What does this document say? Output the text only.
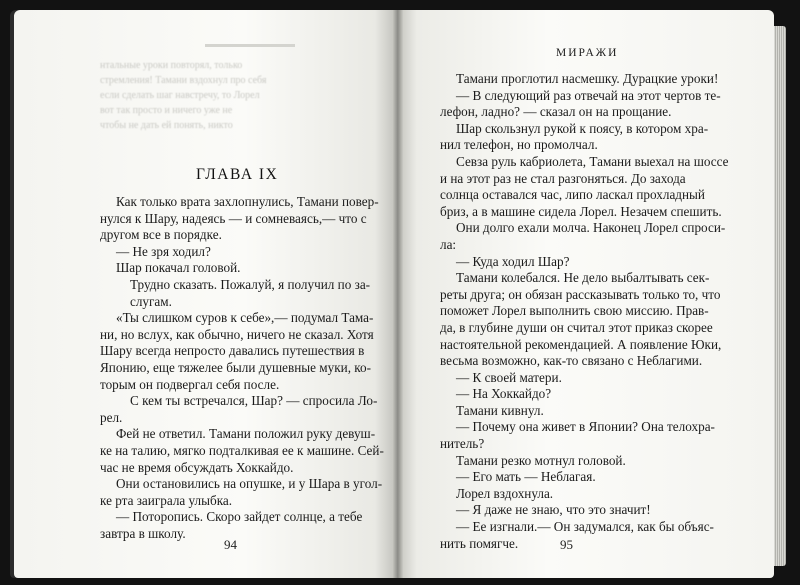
нтальные уроки повторял, только
стремления! Тамани вздохнул про себя
если сделать шаг навстречу, то Лорел
вот так просто и ничего уже не
чтобы не дать ей понять, никто
МИРАЖИ
ГЛАВА IX
Как только врата захлопнулись, Тамани повер-
нулся к Шару, надеясь — и сомневаясь,— что с
другом все в порядке.
— Не зря ходил?
Шар покачал головой.
Трудно сказать. Пожалуй, я получил по за-
слугам.
«Ты слишком суров к себе»,— подумал Тама-
ни, но вслух, как обычно, ничего не сказал. Хотя
Шару всегда непросто давались путешествия в
Японию, еще тяжелее были душевные муки, ко-
торым он подвергал себя после.
С кем ты встречался, Шар? — спросила Ло-
рел.
Фей не ответил. Тамани положил руку девуш-
ке на талию, мягко подталкивая ее к машине. Сей-
час не время обсуждать Хоккайдо.
Они остановились на опушке, и у Шара в угол-
ке рта заиграла улыбка.
— Поторопись. Скоро зайдет солнце, а тебе
завтра в школу.
Тамани проглотил насмешку. Дурацкие уроки!
— В следующий раз отвечай на этот чертов те-
лефон, ладно? — сказал он на прощание.
Шар скользнул рукой к поясу, в котором хра-
нил телефон, но промолчал.
Севза руль кабриолета, Тамани выехал на шоссе
и на этот раз не стал разгоняться. До захода
солнца оставался час, липо ласкал прохладный
бриз, а в машине сидела Лорел. Незачем спешить.
Они долго ехали молча. Наконец Лорел спроси-
ла:
— Куда ходил Шар?
Тамани колебался. Не дело выбалтывать сек-
реты друга; он обязан рассказывать только то, что
поможет Лорел выполнить свою миссию. Прав-
да, в глубине души он считал этот приказ скорее
настоятельной рекомендацией. А появление Юки,
весьма возможно, как-то связано с Неблагими.
— К своей матери.
— На Хоккайдо?
Тамани кивнул.
— Почему она живет в Японии? Она телохра-
нитель?
Тамани резко мотнул головой.
— Его мать — Неблагая.
Лорел вздохнула.
— Я даже не знаю, что это значит!
— Ее изгнали.— Он задумался, как бы объяс-
нить помягче.
94	95
